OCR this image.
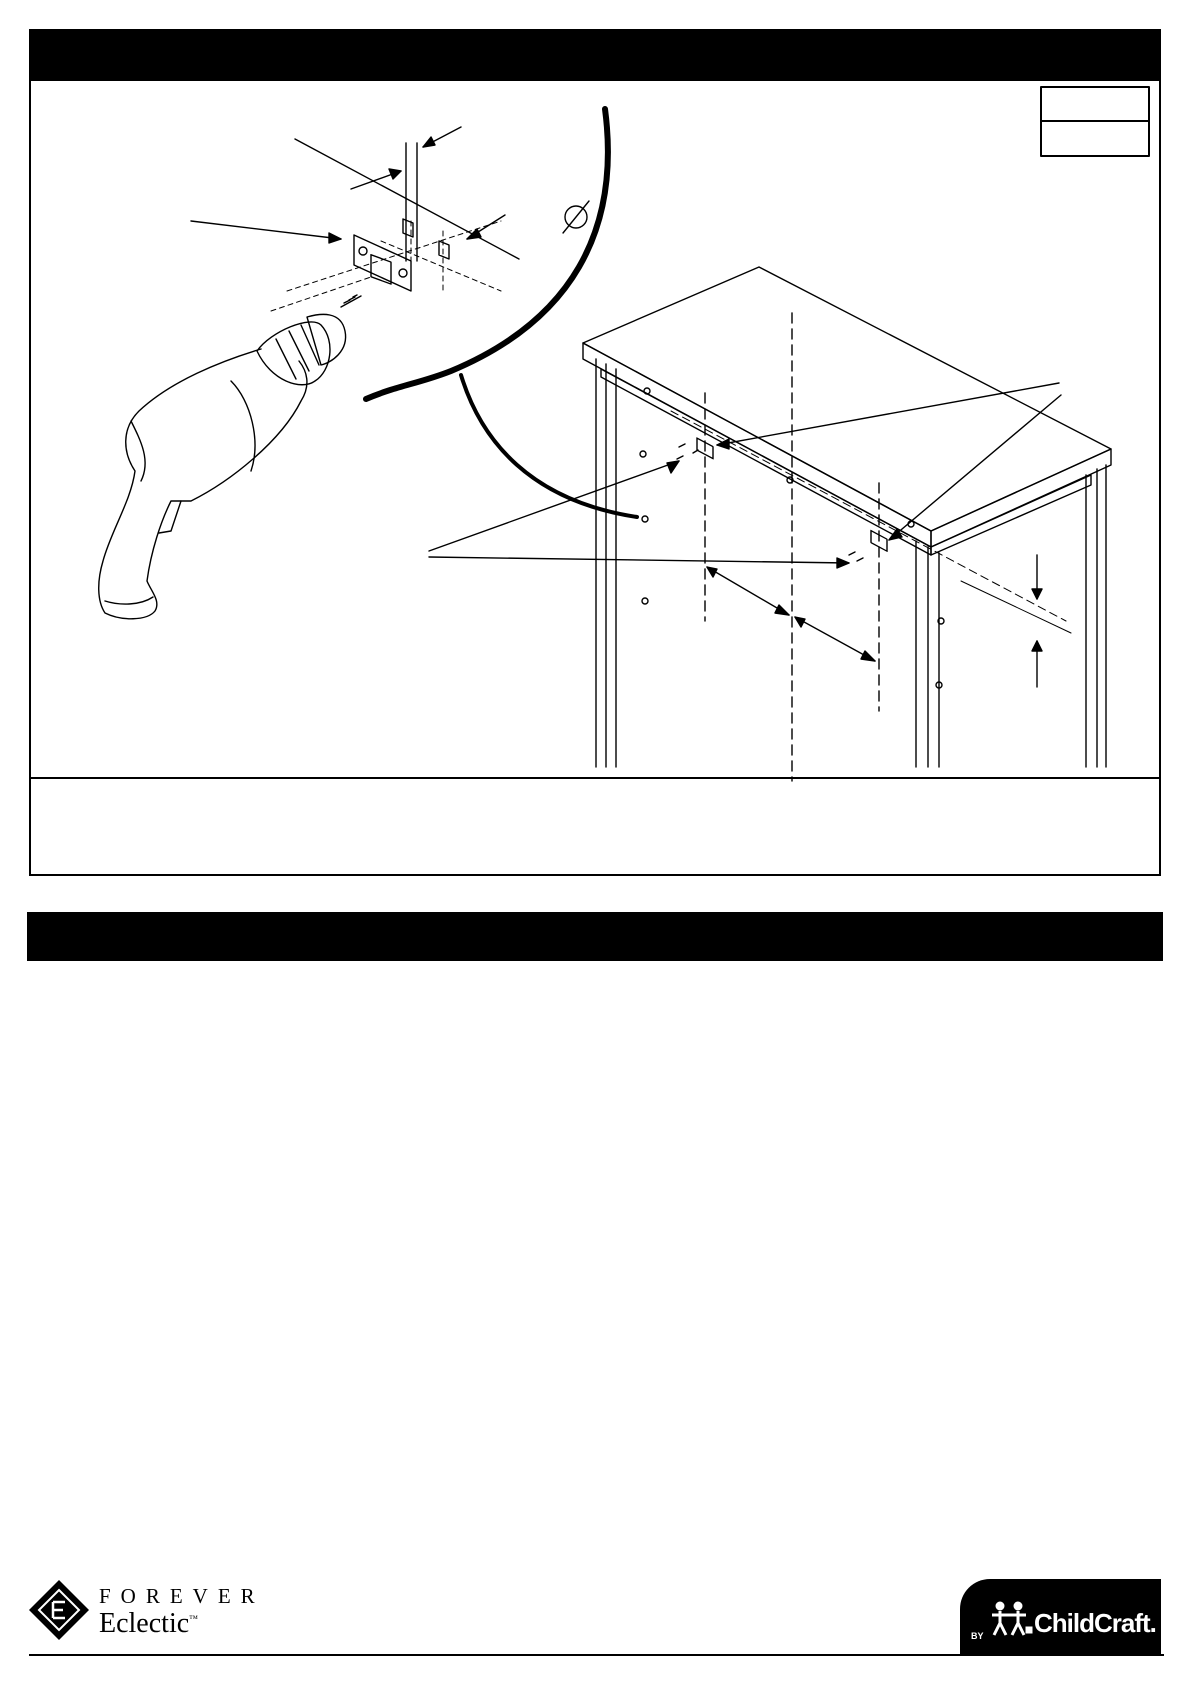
FOREVER
Eclectic™
BY ChildCraft.
